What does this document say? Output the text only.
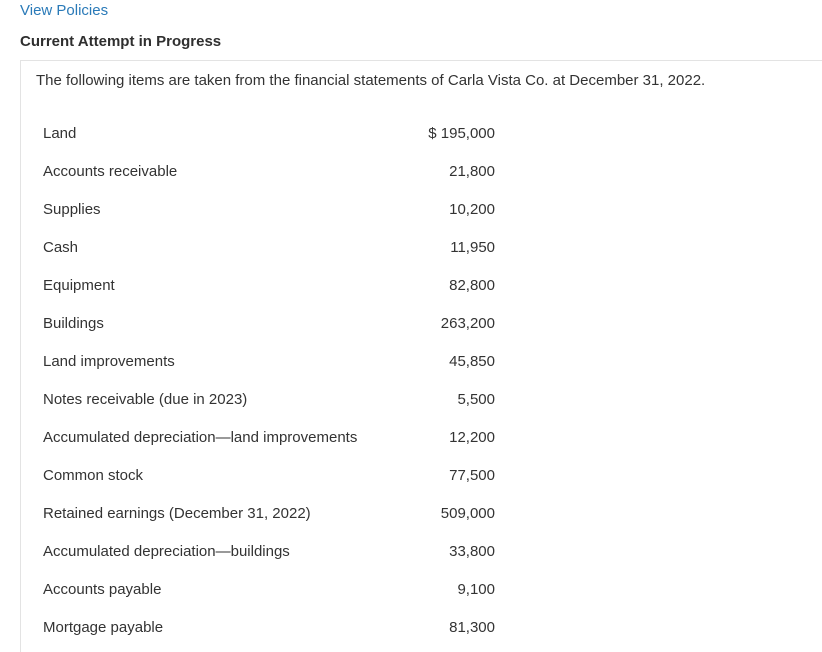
View Policies
Current Attempt in Progress
The following items are taken from the financial statements of Carla Vista Co. at December 31, 2022.
Land	$ 195,000
Accounts receivable	21,800
Supplies	10,200
Cash	11,950
Equipment	82,800
Buildings	263,200
Land improvements	45,850
Notes receivable (due in 2023)	5,500
Accumulated depreciation—land improvements	12,200
Common stock	77,500
Retained earnings (December 31, 2022)	509,000
Accumulated depreciation—buildings	33,800
Accounts payable	9,100
Mortgage payable	81,300
